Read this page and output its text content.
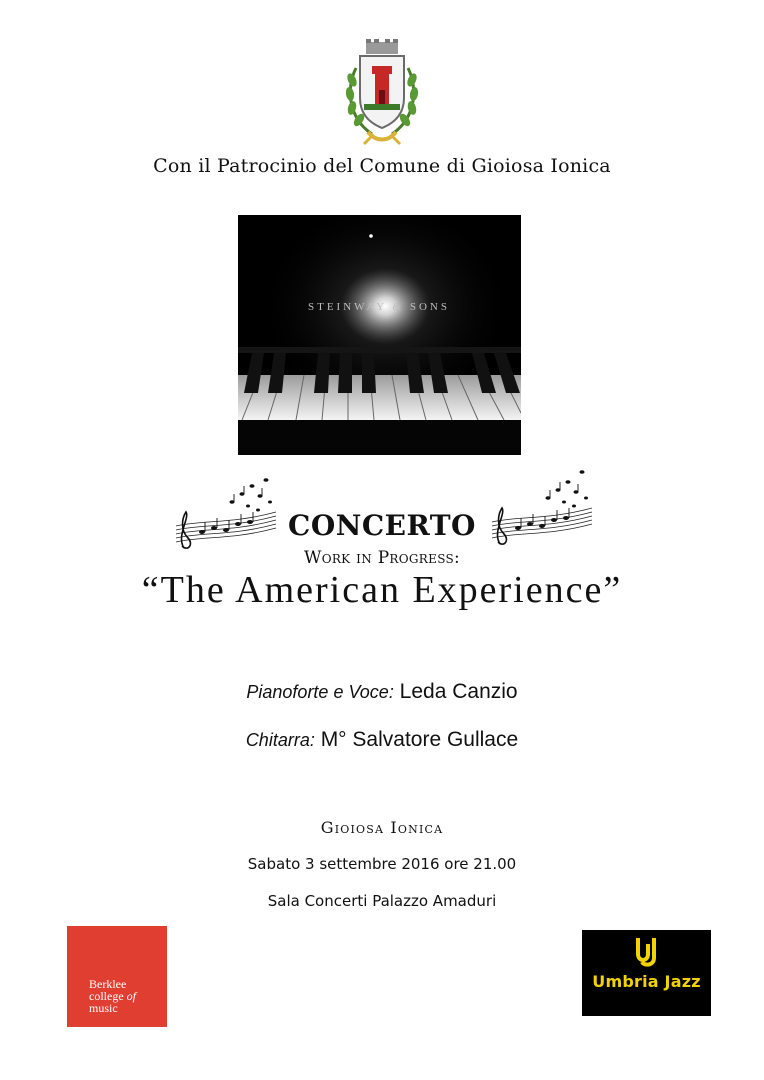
Con il Patrocinio del Comune di Gioiosa Ionica
STEINWAY & SONS
CONCERTO
Work in Progress:
“The American Experience”
Pianoforte e Voce: Leda Canzio
Chitarra: M° Salvatore Gullace
Gioiosa Ionica
Sabato 3 settembre 2016 ore 21.00
Sala Concerti Palazzo Amaduri
Berklee
college of
music
Umbria Jazz
